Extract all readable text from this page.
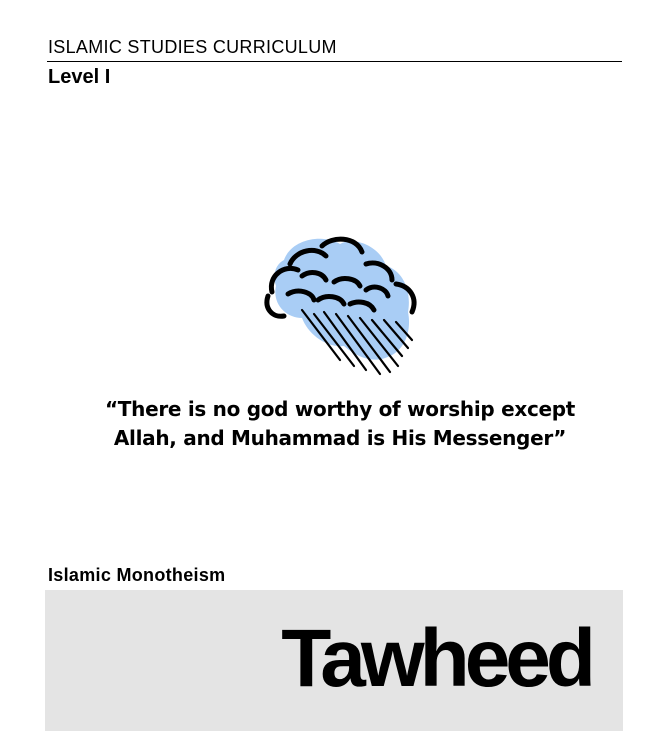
ISLAMIC STUDIES CURRICULUM
Level I
“There is no god worthy of worship except
Allah, and Muhammad is His Messenger”
Islamic Monotheism
Tawheed
